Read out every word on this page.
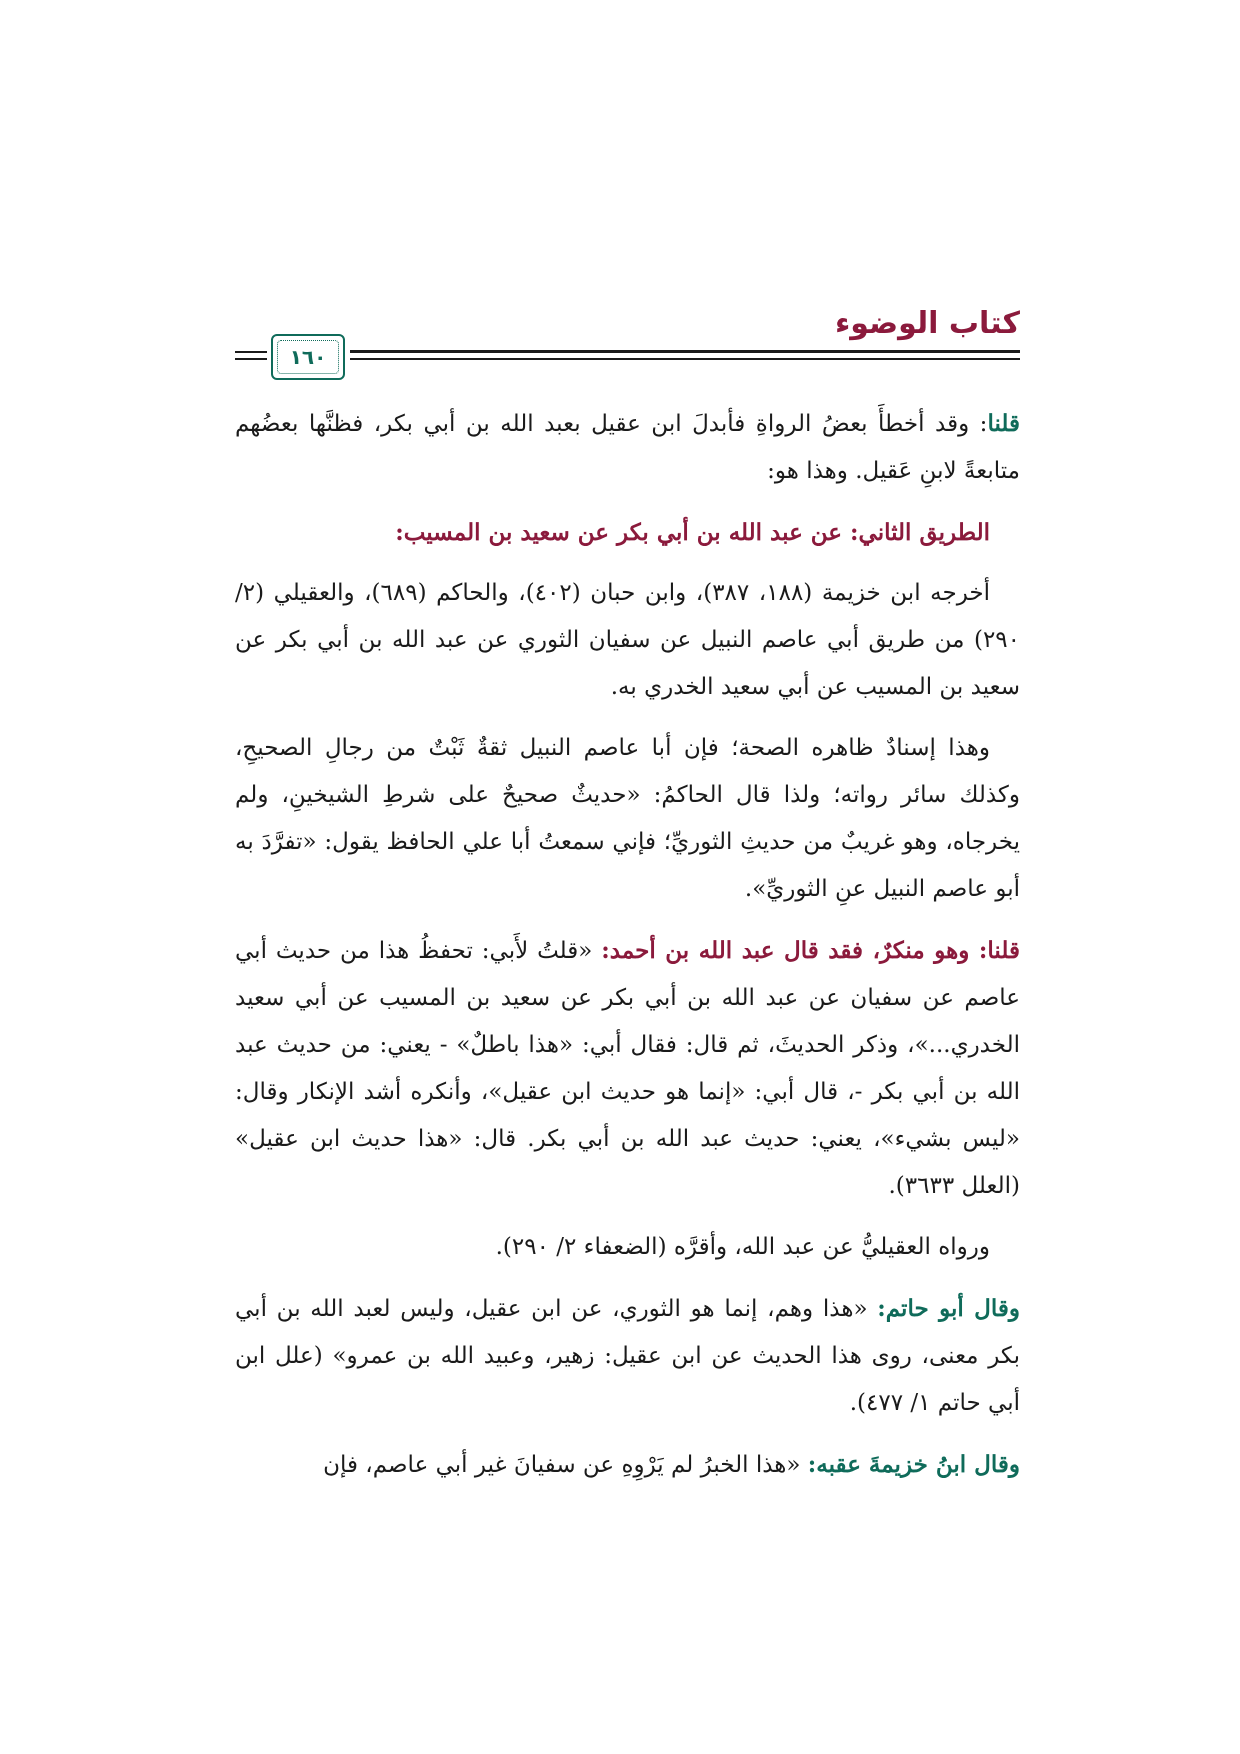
كتاب الوضوء
١٦٠

قلنا: وقد أخطأَ بعضُ الرواةِ فأبدلَ ابن عقيل بعبد الله بن أبي بكر، فظنَّها بعضُهم متابعةً لابنِ عَقيل. وهذا هو:

الطريق الثاني: عن عبد الله بن أبي بكر عن سعيد بن المسيب:

أخرجه ابن خزيمة (١٨٨، ٣٨٧)، وابن حبان (٤٠٢)، والحاكم (٦٨٩)، والعقيلي (٢/ ٢٩٠) من طريق أبي عاصم النبيل عن سفيان الثوري عن عبد الله بن أبي بكر عن سعيد بن المسيب عن أبي سعيد الخدري به.

وهذا إسنادٌ ظاهره الصحة؛ فإن أبا عاصم النبيل ثقةٌ ثَبْتٌ من رجالِ الصحيحِ، وكذلك سائر رواته؛ ولذا قال الحاكمُ: «حديثٌ صحيحٌ على شرطِ الشيخينِ، ولم يخرجاه، وهو غريبٌ من حديثِ الثوريِّ؛ فإني سمعتُ أبا علي الحافظ يقول: «تفرَّدَ به أبو عاصم النبيل عنِ الثوريِّ».

قلنا: وهو منكرٌ، فقد قال عبد الله بن أحمد: «قلتُ لأَبي: تحفظُ هذا من حديث أبي عاصم عن سفيان عن عبد الله بن أبي بكر عن سعيد بن المسيب عن أبي سعيد الخدري...»، وذكر الحديثَ، ثم قال: فقال أبي: «هذا باطلٌ» - يعني: من حديث عبد الله بن أبي بكر -، قال أبي: «إنما هو حديث ابن عقيل»، وأنكره أشد الإنكار وقال: «ليس بشيء»، يعني: حديث عبد الله بن أبي بكر. قال: «هذا حديث ابن عقيل» (العلل ٣٦٣٣).

ورواه العقيليُّ عن عبد الله، وأقرَّه (الضعفاء ٢/ ٢٩٠).

وقال أبو حاتم: «هذا وهم، إنما هو الثوري، عن ابن عقيل، وليس لعبد الله بن أبي بكر معنى، روى هذا الحديث عن ابن عقيل: زهير، وعبيد الله بن عمرو» (علل ابن أبي حاتم ١/ ٤٧٧).

وقال ابنُ خزيمةَ عقبه: «هذا الخبرُ لم يَرْوِهِ عن سفيانَ غير أبي عاصم، فإن
